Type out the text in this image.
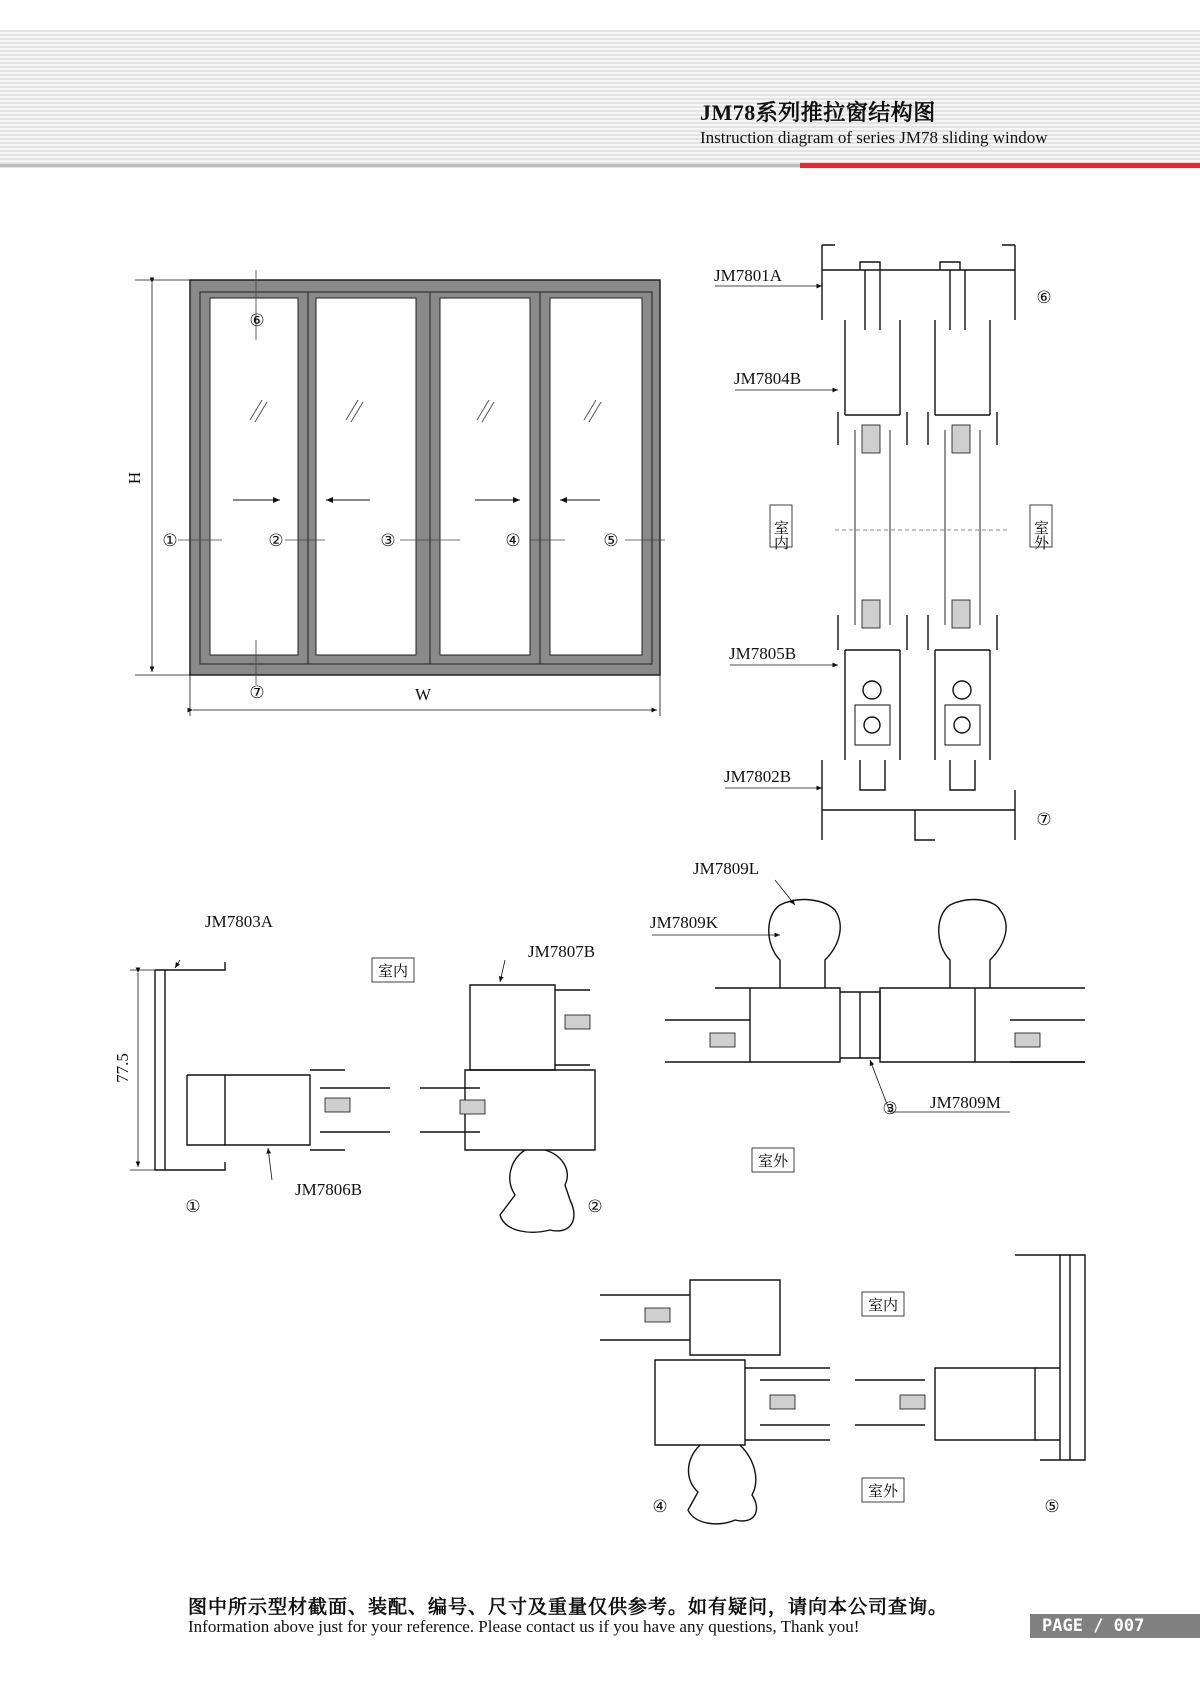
JM78系列推拉窗结构图
Instruction diagram of series JM78 sliding window
H
W
①	②	③	④	⑤
⑥
⑦
JM7801A
JM7804B
JM7805B
JM7802B
室内	室外
⑥
⑦
JM7803A
JM7806B
JM7807B
77.5
室内
①	②
JM7809L
JM7809K
JM7809M
③
室外
室内
室外
④	⑤
图中所示型材截面、装配、编号、尺寸及重量仅供参考。如有疑问，请向本公司查询。
Information above just for your reference. Please contact us if you have any questions, Thank you!	PAGE / 007
